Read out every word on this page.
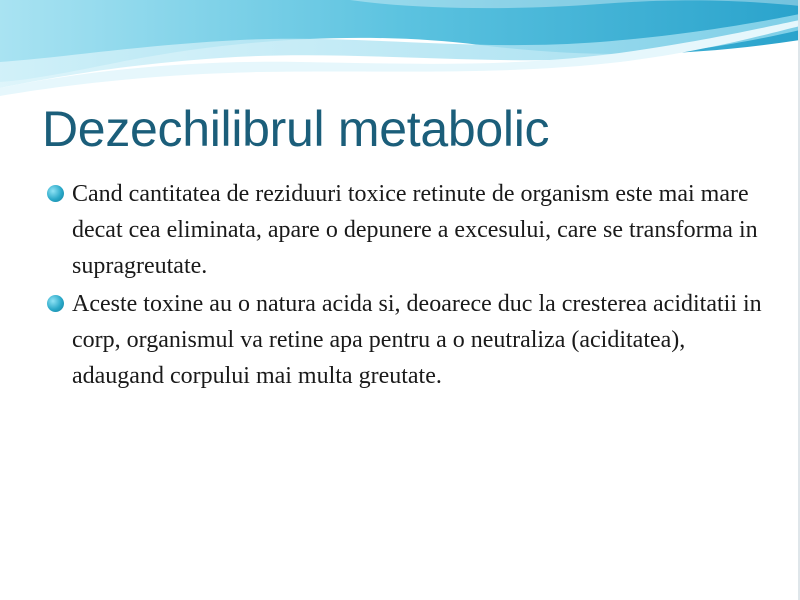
Dezechilibrul metabolic
Cand cantitatea de reziduuri toxice retinute de organism este mai mare decat cea eliminata, apare o depunere a excesului, care se transforma in supragreutate.
Aceste toxine au o natura acida si, deoarece duc la cresterea aciditatii in corp, organismul va retine apa pentru a o neutraliza (aciditatea), adaugand corpului mai multa greutate.
